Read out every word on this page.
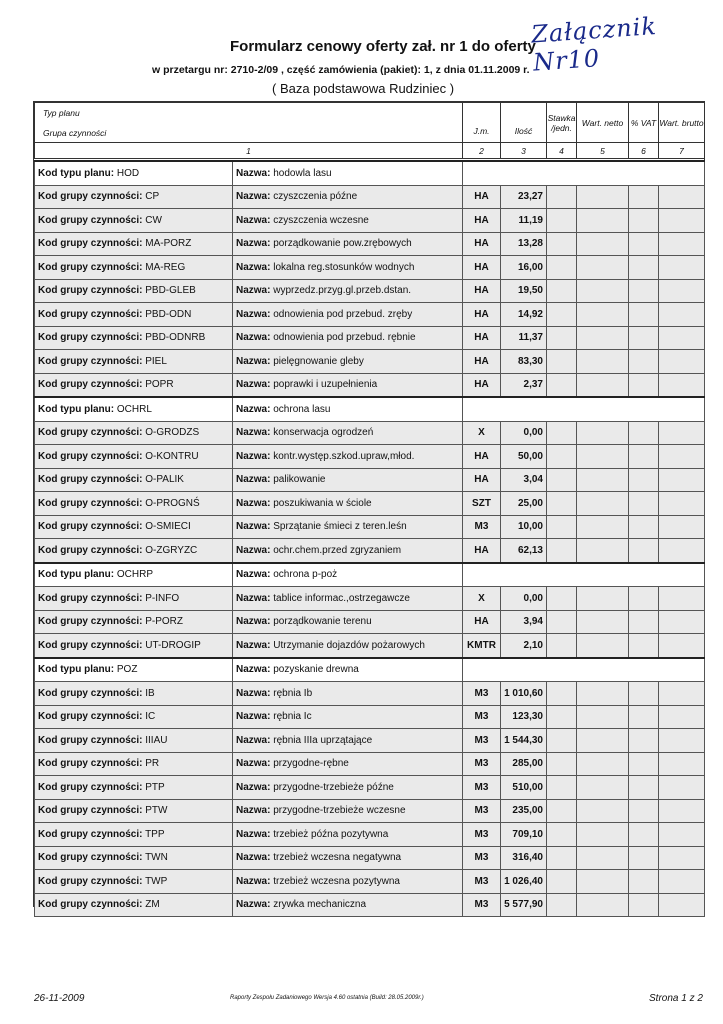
Formularz cenowy oferty zał. nr 1 do oferty
Załącznik Nr10
w przetargu nr: 2710-2/09 , część zamówienia (pakiet): 1, z dnia 01.11.2009 r.
( Baza podstawowa Rudziniec )
Typ planu
Grupa czynności	J.m.	Ilość	Stawka /jedn.	Wart. netto	% VAT	Wart. brutto
1	2	3	4	5	6	7
Kod typu planu: HOD	Nazwa: hodowla lasu						
Kod grupy czynności: CP	Nazwa: czyszczenia późne	HA	23,27				
Kod grupy czynności: CW	Nazwa: czyszczenia wczesne	HA	11,19				
Kod grupy czynności: MA-PORZ	Nazwa: porządkowanie pow.zrębowych	HA	13,28				
Kod grupy czynności: MA-REG	Nazwa: lokalna reg.stosunków wodnych	HA	16,00				
Kod grupy czynności: PBD-GLEB	Nazwa: wyprzedz.przyg.gl.przeb.dstan.	HA	19,50				
Kod grupy czynności: PBD-ODN	Nazwa: odnowienia pod przebud. zręby	HA	14,92				
Kod grupy czynności: PBD-ODNRB	Nazwa: odnowienia pod przebud. rębnie	HA	11,37				
Kod grupy czynności: PIEL	Nazwa: pielęgnowanie gleby	HA	83,30				
Kod grupy czynności: POPR	Nazwa: poprawki i uzupełnienia	HA	2,37				
Kod typu planu: OCHRL	Nazwa: ochrona lasu						
Kod grupy czynności: O-GRODZS	Nazwa: konserwacja ogrodzeń	X	0,00				
Kod grupy czynności: O-KONTRU	Nazwa: kontr.występ.szkod.upraw,młod.	HA	50,00				
Kod grupy czynności: O-PALIK	Nazwa: palikowanie	HA	3,04				
Kod grupy czynności: O-PROGNŚ	Nazwa: poszukiwania w ściole	SZT	25,00				
Kod grupy czynności: O-SMIECI	Nazwa: Sprzątanie śmieci z teren.leśn	M3	10,00				
Kod grupy czynności: O-ZGRYZC	Nazwa: ochr.chem.przed zgryzaniem	HA	62,13				
Kod typu planu: OCHRP	Nazwa: ochrona p-poż						
Kod grupy czynności: P-INFO	Nazwa: tablice informac.,ostrzegawcze	X	0,00				
Kod grupy czynności: P-PORZ	Nazwa: porządkowanie terenu	HA	3,94				
Kod grupy czynności: UT-DROGIP	Nazwa: Utrzymanie dojazdów pożarowych	KMTR	2,10				
Kod typu planu: POZ	Nazwa: pozyskanie drewna						
Kod grupy czynności: IB	Nazwa: rębnia Ib	M3	1 010,60				
Kod grupy czynności: IC	Nazwa: rębnia Ic	M3	123,30				
Kod grupy czynności: IIIAU	Nazwa: rębnia IIIa uprzątające	M3	1 544,30				
Kod grupy czynności: PR	Nazwa: przygodne-rębne	M3	285,00				
Kod grupy czynności: PTP	Nazwa: przygodne-trzebieże późne	M3	510,00				
Kod grupy czynności: PTW	Nazwa: przygodne-trzebieże wczesne	M3	235,00				
Kod grupy czynności: TPP	Nazwa: trzebież późna pozytywna	M3	709,10				
Kod grupy czynności: TWN	Nazwa: trzebież wczesna negatywna	M3	316,40				
Kod grupy czynności: TWP	Nazwa: trzebież wczesna pozytywna	M3	1 026,40				
Kod grupy czynności: ZM	Nazwa: zrywka mechaniczna	M3	5 577,90				
26-11-2009	Raporty Zespołu Zadaniowego Wersja 4.60 ostatnia (Build: 28.05.2009r.)	Strona 1 z 2
